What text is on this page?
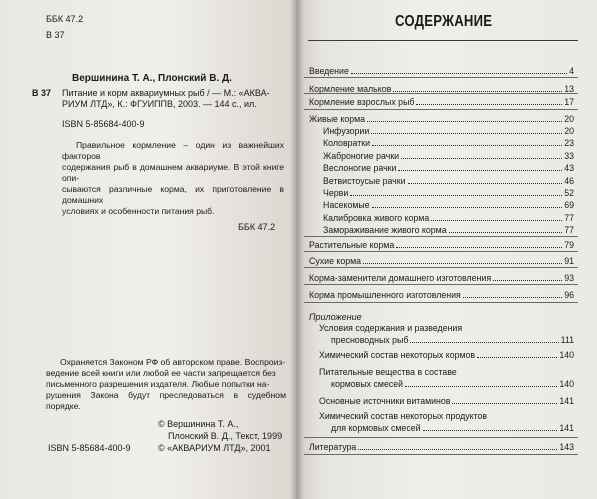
ББК 47.2
В 37
Вершинина Т. А., Плонский В. Д.
В 37 Питание и корм аквариумных рыб / — М.: «АКВА-
РИУМ ЛТД», К.: ФГУИППВ, 2003. — 144 с., ил.
ISBN 5-85684-400-9
Правильное кормление – один из важнейших факторов
содержания рыб в домашнем аквариуме. В этой книге опи-
сываются различные корма, их приготовление в домашних
условиях и особенности питания рыб.
ББК 47.2
Охраняется Законом РФ об авторском праве. Воспроиз-
ведение всей книги или любой ее части запрещается без
письменного разрешения издателя. Любые попытки на-
рушения Закона будут преследоваться в судебном порядке.
© Вершинина Т. А.,
Плонский В. Д., Текст, 1999
© «АКВАРИУМ ЛТД», 2001
ISBN 5-85684-400-9
СОДЕРЖАНИЕ
Введение	4
Кормление мальков	13
Кормление взрослых рыб	17
Живые корма	20
Инфузории	20
Коловратки	23
Жаброногие рачки	33
Веслоногие рачки	43
Ветвистоусые рачки	46
Черви	52
Насекомые	69
Калибровка живого корма	77
Замораживание живого корма	77
Растительные корма	79
Сухие корма	91
Корма-заменители домашнего изготовления	93
Корма промышленного изготовления	96
Условия содержания и разведения
пресноводных рыб	111
Химический состав некоторых кормов	140
Питательные вещества в составе
кормовых смесей	140
Основные источники витаминов	141
Химический состав некоторых продуктов
для кормовых смесей	141
Литература	143
Приложение
